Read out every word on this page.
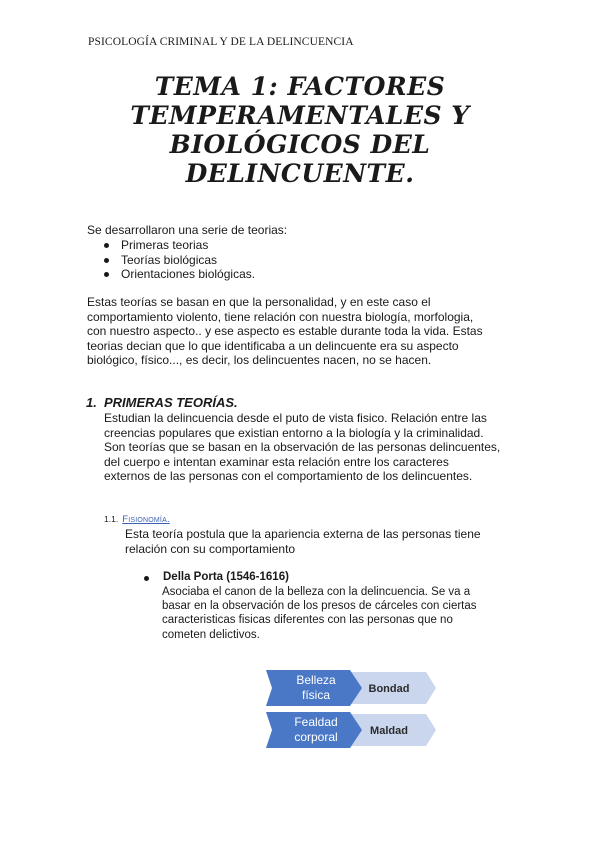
PSICOLOGÍA CRIMINAL Y DE LA DELINCUENCIA
TEMA 1: FACTORES
TEMPERAMENTALES Y
BIOLÓGICOS DEL
DELINCUENTE.
Se desarrollaron una serie de teorias:
Primeras teorias
Teorías biológicas
Orientaciones biológicas.
Estas teorías se basan en que la personalidad, y en este caso el
comportamiento violento, tiene relación con nuestra biología, morfologia,
con nuestro aspecto.. y ese aspecto es estable durante toda la vida. Estas
teorias decian que lo que identificaba a un delincuente era su aspecto
biológico, físico..., es decir, los delincuentes nacen, no se hacen.
1. PRIMERAS TEORÍAS.
Estudian la delincuencia desde el puto de vista fisico. Relación entre las
creencias populares que existian entorno a la biología y la criminalidad.
Son teorías que se basan en la observación de las personas delincuentes,
del cuerpo e intentan examinar esta relación entre los caracteres
externos de las personas con el comportamiento de los delincuentes.
1.1. Fisionomía.
Esta teoría postula que la apariencia externa de las personas tiene
relación con su comportamiento
Della Porta (1546-1616)
Asociaba el canon de la belleza con la delincuencia. Se va a
basar en la observación de los presos de cárceles con ciertas
caracteristicas fisicas diferentes con las personas que no
cometen delictivos.
Belleza
física	Bondad
Fealdad
corporal	Maldad
